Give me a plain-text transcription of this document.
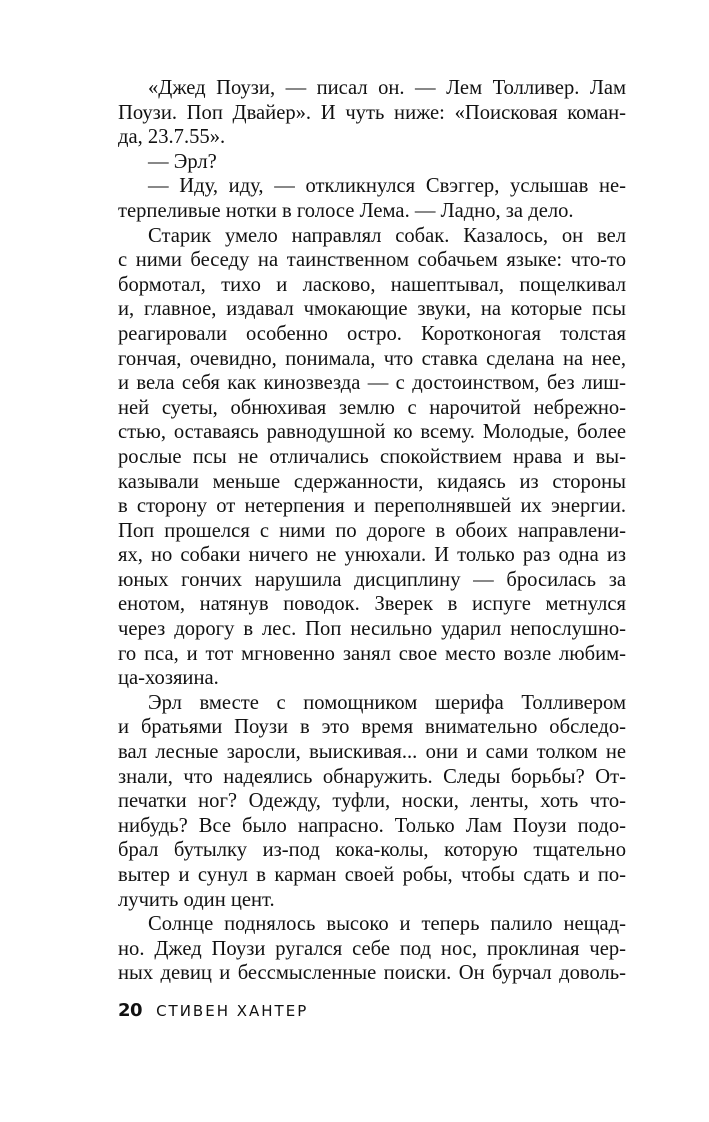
«Джед Поузи, — писал он. — Лем Толливер. Лам
Поузи. Поп Двайер». И чуть ниже: «Поисковая коман-
да, 23.7.55».
— Эрл?
— Иду, иду, — откликнулся Свэггер, услышав не-
терпеливые нотки в голосе Лема. — Ладно, за дело.
Старик умело направлял собак. Казалось, он вел
с ними беседу на таинственном собачьем языке: что-то
бормотал, тихо и ласково, нашептывал, пощелкивал
и, главное, издавал чмокающие звуки, на которые псы
реагировали особенно остро. Коротконогая толстая
гончая, очевидно, понимала, что ставка сделана на нее,
и вела себя как кинозвезда — с достоинством, без лиш-
ней суеты, обнюхивая землю с нарочитой небрежно-
стью, оставаясь равнодушной ко всему. Молодые, более
рослые псы не отличались спокойствием нрава и вы-
казывали меньше сдержанности, кидаясь из стороны
в сторону от нетерпения и переполнявшей их энергии.
Поп прошелся с ними по дороге в обоих направлени-
ях, но собаки ничего не унюхали. И только раз одна из
юных гончих нарушила дисциплину — бросилась за
енотом, натянув поводок. Зверек в испуге метнулся
через дорогу в лес. Поп несильно ударил непослушно-
го пса, и тот мгновенно занял свое место возле любим-
ца-хозяина.
Эрл вместе с помощником шерифа Толливером
и братьями Поузи в это время внимательно обследо-
вал лесные заросли, выискивая... они и сами толком не
знали, что надеялись обнаружить. Следы борьбы? От-
печатки ног? Одежду, туфли, носки, ленты, хоть что-
нибудь? Все было напрасно. Только Лам Поузи подо-
брал бутылку из-под кока-колы, которую тщательно
вытер и сунул в карман своей робы, чтобы сдать и по-
лучить один цент.
Солнце поднялось высоко и теперь палило нещад-
но. Джед Поузи ругался себе под нос, проклиная чер-
ных девиц и бессмысленные поиски. Он бурчал доволь-
20 СТИВЕН ХАНТЕР
